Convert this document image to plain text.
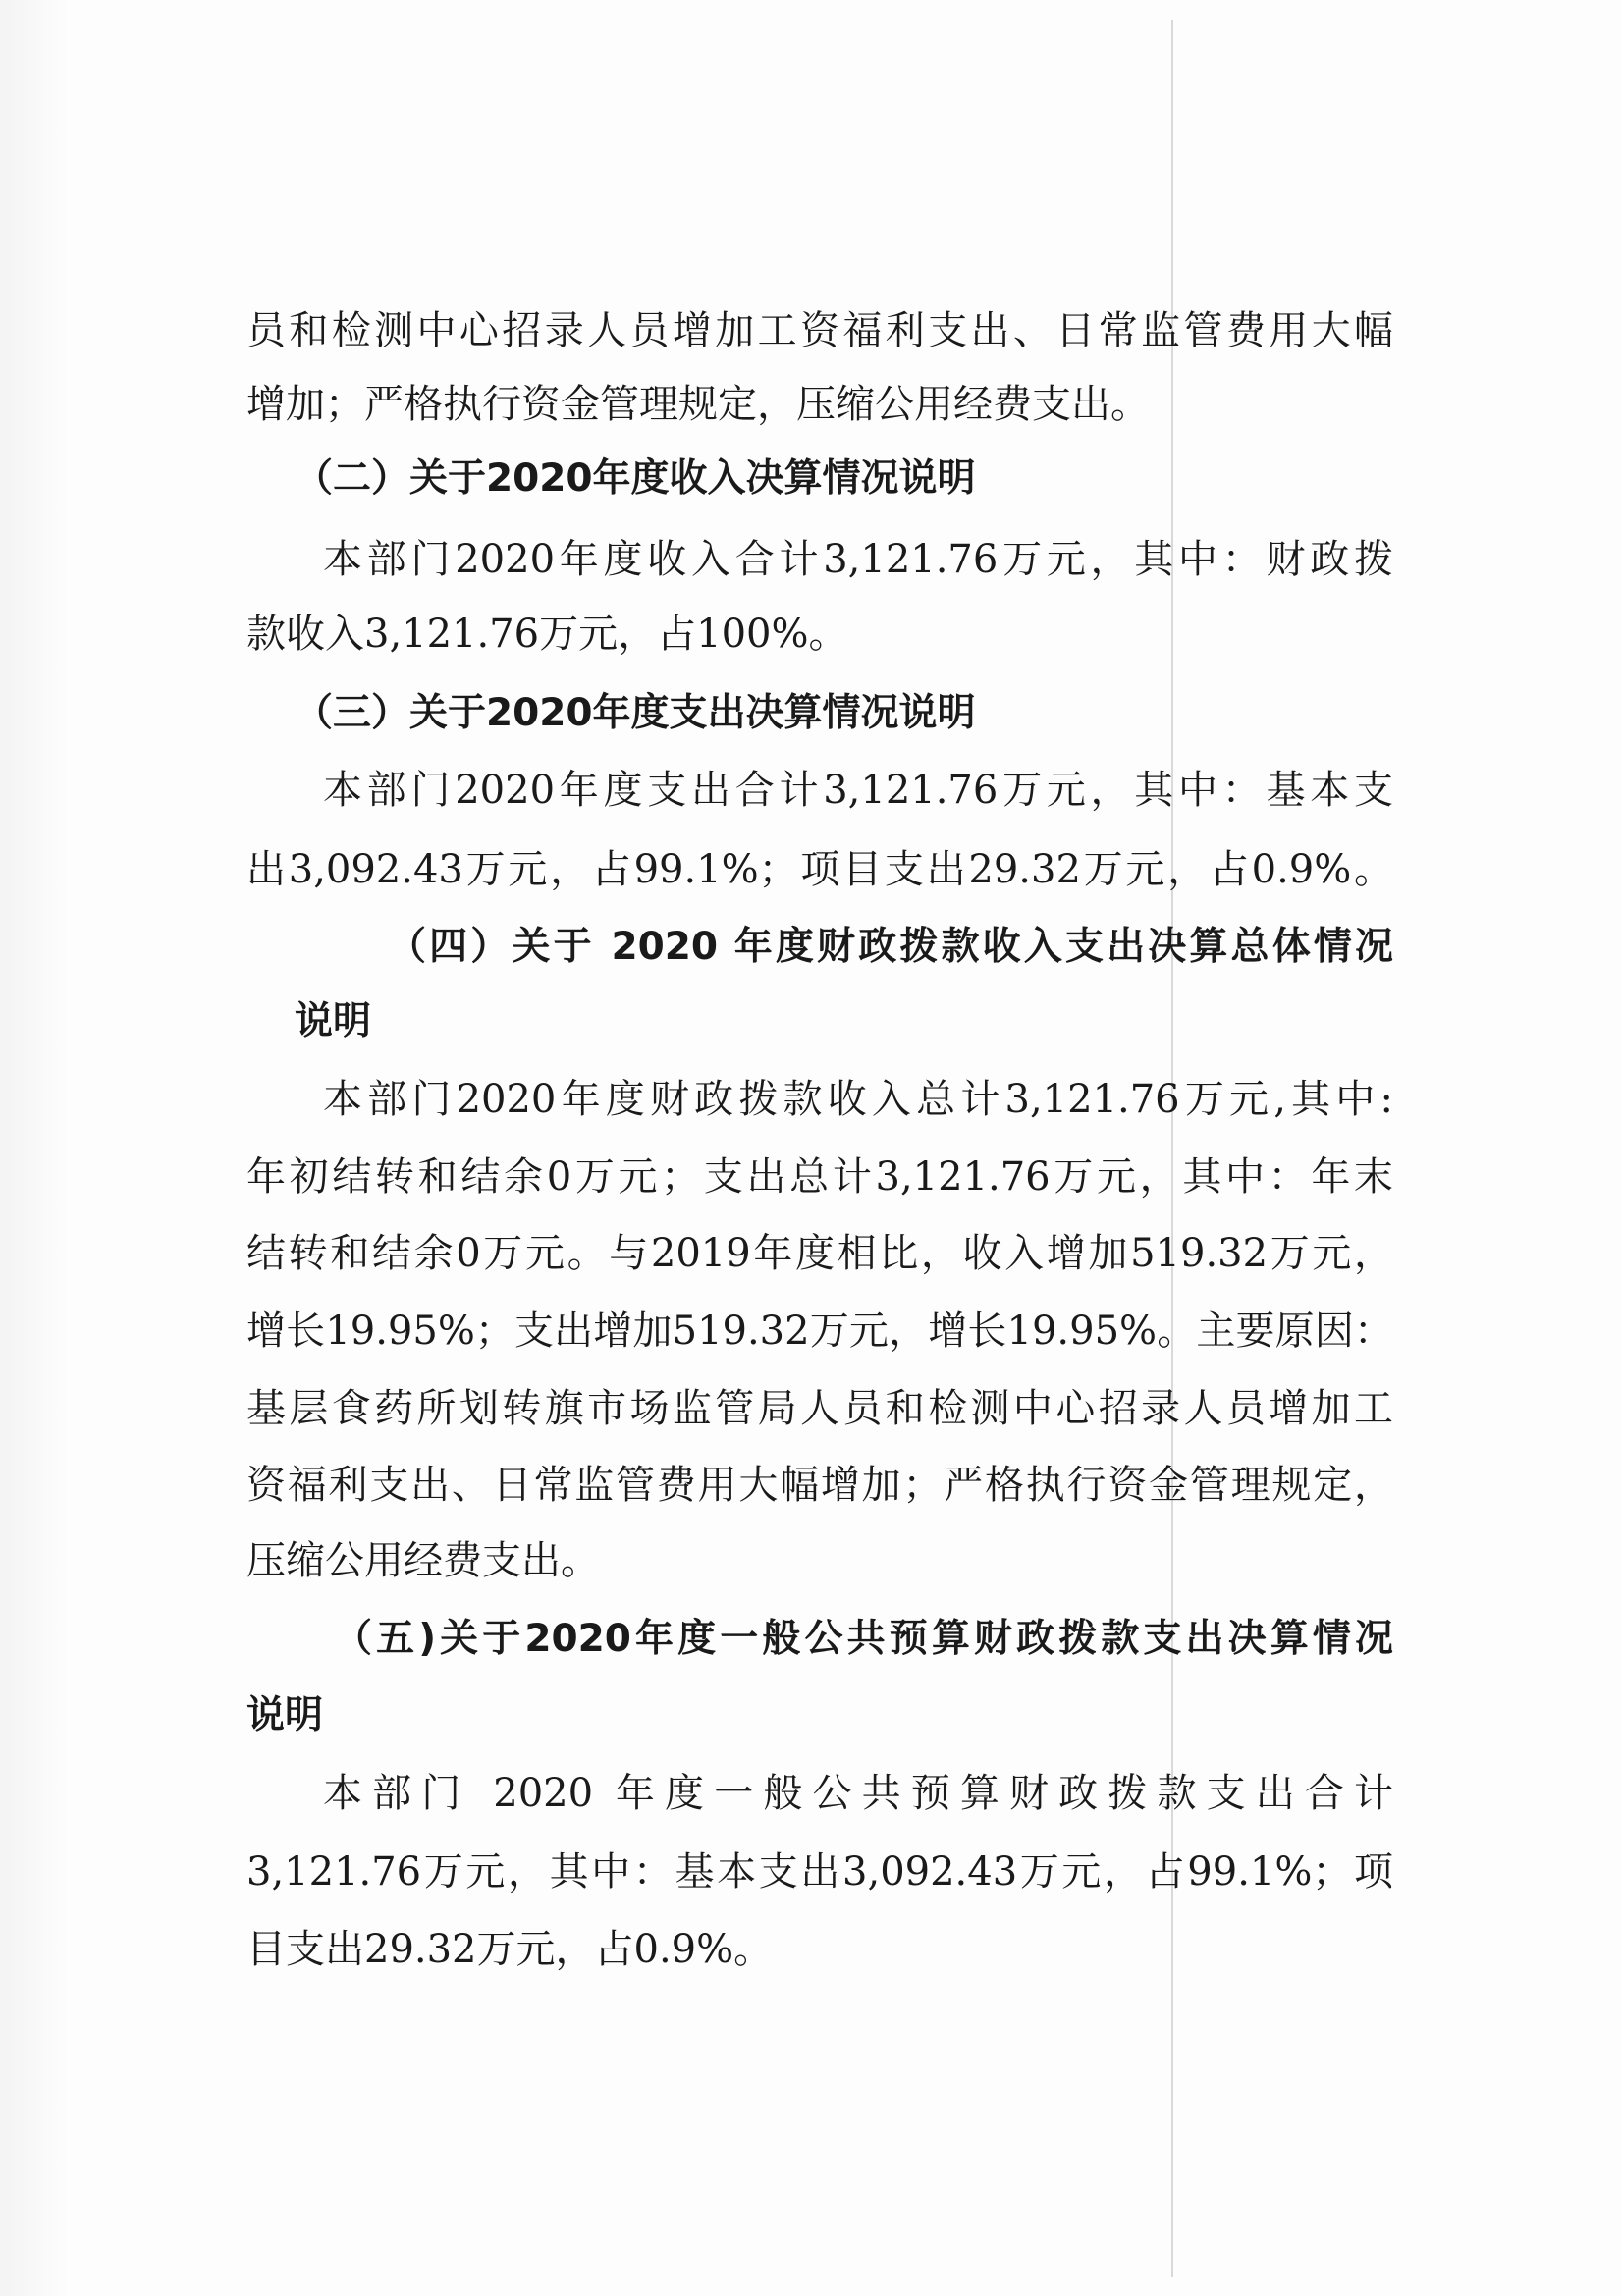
员和检测中心招录人员增加工资福利支出、日常监管费用大幅

增加；严格执行资金管理规定，压缩公用经费支出。

（二）关于2020年度收入决算情况说明

本部门2020年度收入合计3,121.76万元，其中：财政拨

款收入3,121.76万元，占100%。

（三）关于2020年度支出决算情况说明

本部门2020年度支出合计3,121.76万元，其中：基本支

出3,092.43万元，占99.1%；项目支出29.32万元，占0.9%。

（四）关于 2020 年度财政拨款收入支出决算总体情况

说明

本部门2020年度财政拨款收入总计3,121.76万元,其中:

年初结转和结余0万元；支出总计3,121.76万元，其中：年末

结转和结余0万元。与2019年度相比，收入增加519.32万元，

增长19.95%；支出增加519.32万元，增长19.95%。主要原因：

基层食药所划转旗市场监管局人员和检测中心招录人员增加工

资福利支出、日常监管费用大幅增加；严格执行资金管理规定，

压缩公用经费支出。

（五)关于2020年度一般公共预算财政拨款支出决算情况

说明

本部门 2020 年度一般公共预算财政拨款支出合计

3,121.76万元，其中：基本支出3,092.43万元，占99.1%；项

目支出29.32万元，占0.9%。
